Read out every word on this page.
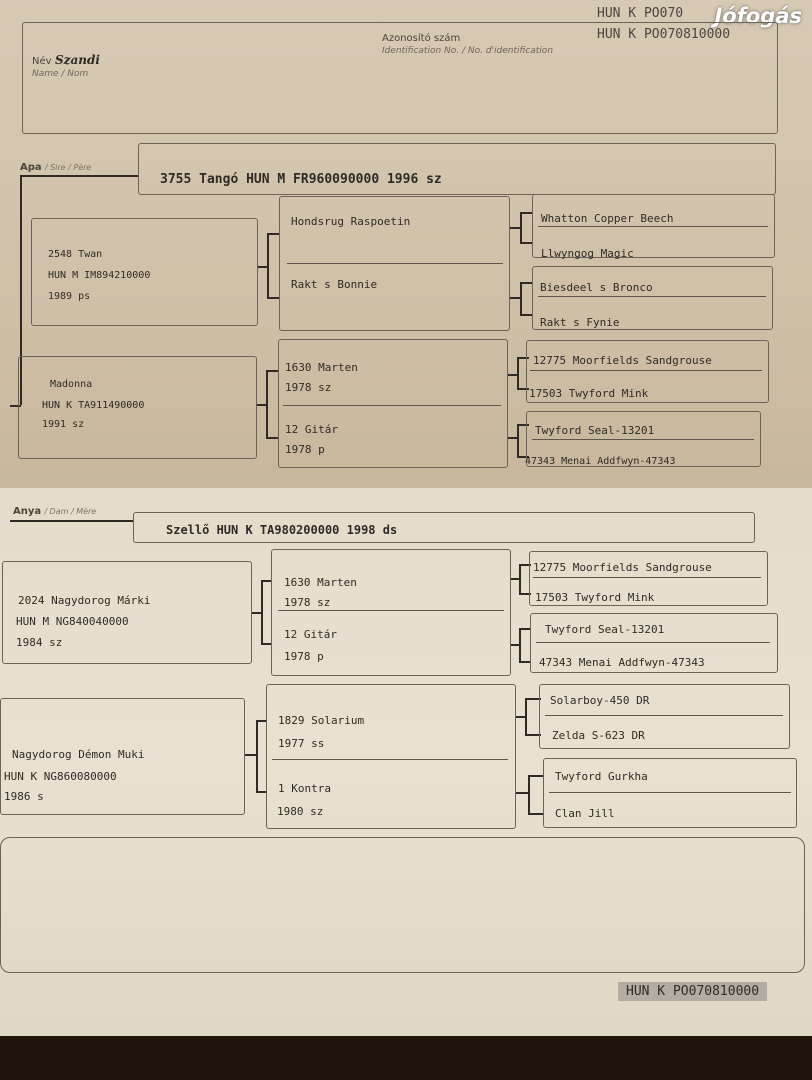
Jófogás
Név Szandi
Name / Nom
Azonosító szám
Identification No. / No. d'identification
HUN K PO070
HUN K PO070810000
Apa / Sire / Père
3755 Tangó HUN M FR960090000 1996 sz
2548 Twan
HUN M IM894210000
1989 ps
Hondsrug Raspoetin
Rakt s Bonnie
Whatton Copper Beech
Llwyngog Magic
Biesdeel s Bronco
Rakt s Fynie
Madonna
HUN K TA911490000
1991 sz
1630 Marten
1978 sz
12 Gitár
1978 p
12775 Moorfields Sandgrouse
17503 Twyford Mink
Twyford Seal-13201
47343 Menai Addfwyn-47343
Anya / Dam / Mère
Szellő HUN K TA980200000 1998 ds
2024 Nagydorog Márki
HUN M NG840040000
1984 sz
1630 Marten
1978 sz
12 Gitár
1978 p
12775 Moorfields Sandgrouse
17503 Twyford Mink
Twyford Seal-13201
47343 Menai Addfwyn-47343
Nagydorog Démon Muki
HUN K NG860080000
1986 s
1829 Solarium
1977 ss
1 Kontra
1980 sz
Solarboy-450 DR
Zelda S-623 DR
Twyford Gurkha
Clan Jill
HUN K PO070810000
